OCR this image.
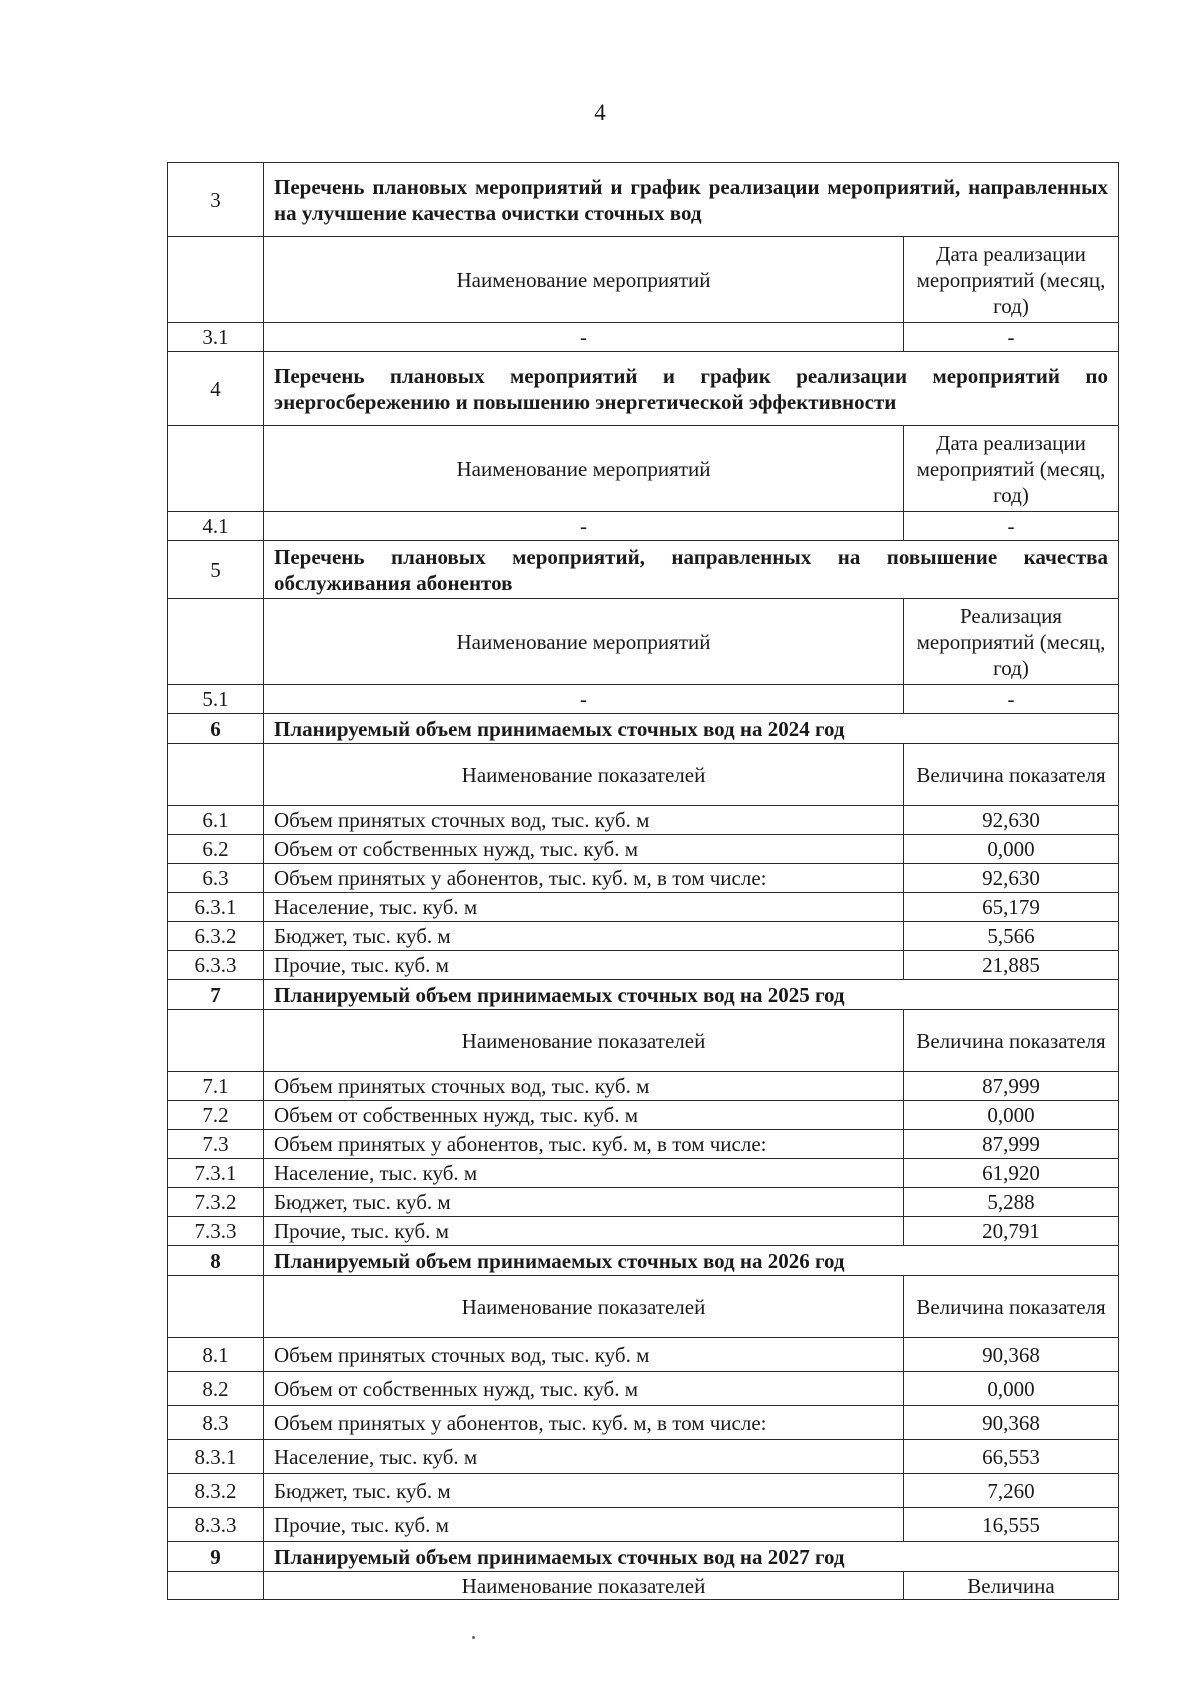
4
3	Перечень плановых мероприятий и график реализации мероприятий, направленных на улучшение качества очистки сточных вод	
	Наименование мероприятий	Дата реализации мероприятий (месяц, год)
3.1	-	-
4	Перечень плановых мероприятий и график реализации мероприятий по энергосбережению и повышению энергетической эффективности	
	Наименование мероприятий	Дата реализации мероприятий (месяц, год)
4.1	-	-
5	Перечень плановых мероприятий, направленных на повышение качества обслуживания абонентов	
	Наименование мероприятий	Реализация мероприятий (месяц, год)
5.1	-	-
6	Планируемый объем принимаемых сточных вод на 2024 год	
	Наименование показателей	Величина показателя
6.1	Объем принятых сточных вод, тыс. куб. м	92,630
6.2	Объем от собственных нужд, тыс. куб. м	0,000
6.3	Объем принятых у абонентов, тыс. куб. м, в том числе:	92,630
6.3.1	Население, тыс. куб. м	65,179
6.3.2	Бюджет, тыс. куб. м	5,566
6.3.3	Прочие, тыс. куб. м	21,885
7	Планируемый объем принимаемых сточных вод на 2025 год	
	Наименование показателей	Величина показателя
7.1	Объем принятых сточных вод, тыс. куб. м	87,999
7.2	Объем от собственных нужд, тыс. куб. м	0,000
7.3	Объем принятых у абонентов, тыс. куб. м, в том числе:	87,999
7.3.1	Население, тыс. куб. м	61,920
7.3.2	Бюджет, тыс. куб. м	5,288
7.3.3	Прочие, тыс. куб. м	20,791
8	Планируемый объем принимаемых сточных вод на 2026 год	
	Наименование показателей	Величина показателя
8.1	Объем принятых сточных вод, тыс. куб. м	90,368
8.2	Объем от собственных нужд, тыс. куб. м	0,000
8.3	Объем принятых у абонентов, тыс. куб. м, в том числе:	90,368
8.3.1	Население, тыс. куб. м	66,553
8.3.2	Бюджет, тыс. куб. м	7,260
8.3.3	Прочие, тыс. куб. м	16,555
9	Планируемый объем принимаемых сточных вод на 2027 год	
	Наименование показателей	Величина
